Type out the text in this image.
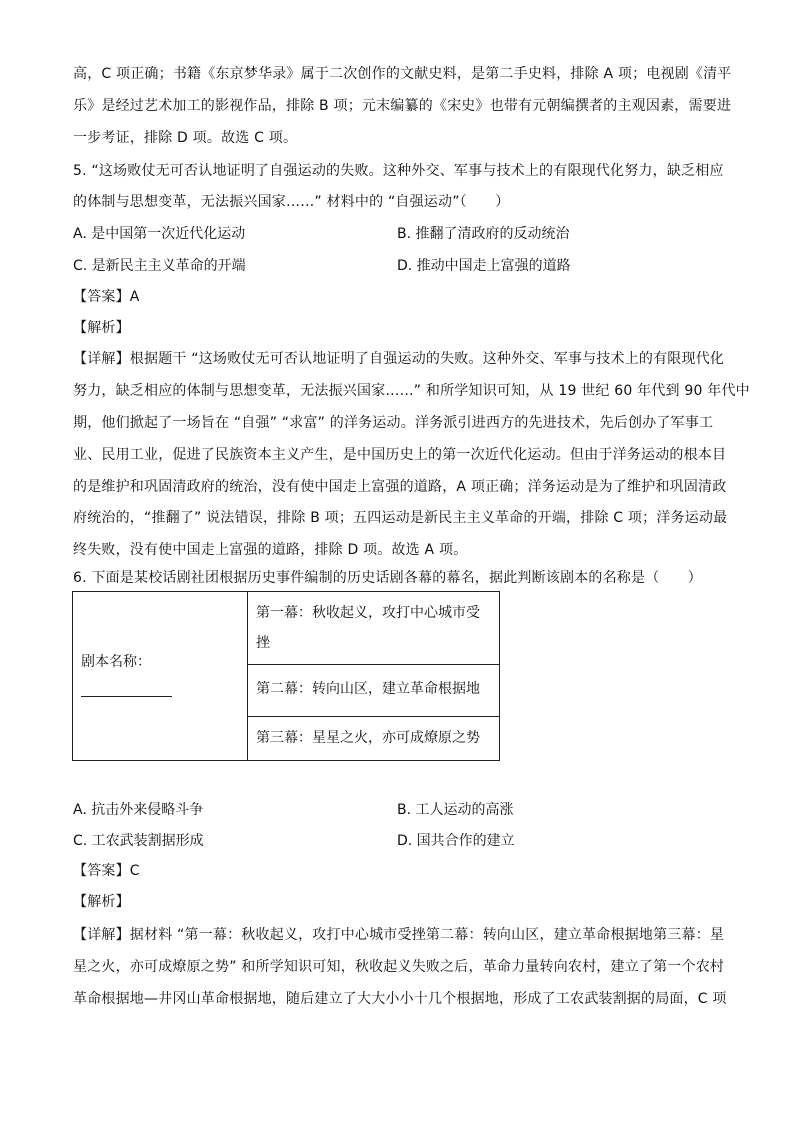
高，C 项正确；书籍《东京梦华录》属于二次创作的文献史料，是第二手史料，排除 A 项；电视剧《清平
乐》是经过艺术加工的影视作品，排除 B 项；元末编纂的《宋史》也带有元朝编撰者的主观因素，需要进
一步考证，排除 D 项。故选 C 项。
5. “这场败仗无可否认地证明了自强运动的失败。这种外交、军事与技术上的有限现代化努力，缺乏相应
的体制与思想变革，无法振兴国家……” 材料中的 “自强运动”（　　）
A. 是中国第一次近代化运动	B. 推翻了清政府的反动统治
C. 是新民主主义革命的开端	D. 推动中国走上富强的道路
【答案】A
【解析】
【详解】根据题干 “这场败仗无可否认地证明了自强运动的失败。这种外交、军事与技术上的有限现代化
努力，缺乏相应的体制与思想变革，无法振兴国家……” 和所学知识可知，从 19 世纪 60 年代到 90 年代中
期，他们掀起了一场旨在 “自强” “求富” 的洋务运动。洋务派引进西方的先进技术，先后创办了军事工
业、民用工业，促进了民族资本主义产生，是中国历史上的第一次近代化运动。但由于洋务运动的根本目
的是维护和巩固清政府的统治，没有使中国走上富强的道路，A 项正确；洋务运动是为了维护和巩固清政
府统治的，“推翻了” 说法错误，排除 B 项；五四运动是新民主主义革命的开端，排除 C 项；洋务运动最
终失败，没有使中国走上富强的道路，排除 D 项。故选 A 项。
6. 下面是某校话剧社团根据历史事件编制的历史话剧各幕的幕名，据此判断该剧本的名称是（　　）
剧本名称：
第一幕：秋收起义，攻打中心城市受
挫
第二幕：转向山区，建立革命根据地
第三幕：星星之火，亦可成燎原之势
A. 抗击外来侵略斗争	B. 工人运动的高涨
C. 工农武装割据形成	D. 国共合作的建立
【答案】C
【解析】
【详解】据材料 “第一幕：秋收起义，攻打中心城市受挫第二幕：转向山区，建立革命根据地第三幕：星
星之火，亦可成燎原之势” 和所学知识可知，秋收起义失败之后，革命力量转向农村，建立了第一个农村
革命根据地—井冈山革命根据地，随后建立了大大小小十几个根据地，形成了工农武装割据的局面，C 项
